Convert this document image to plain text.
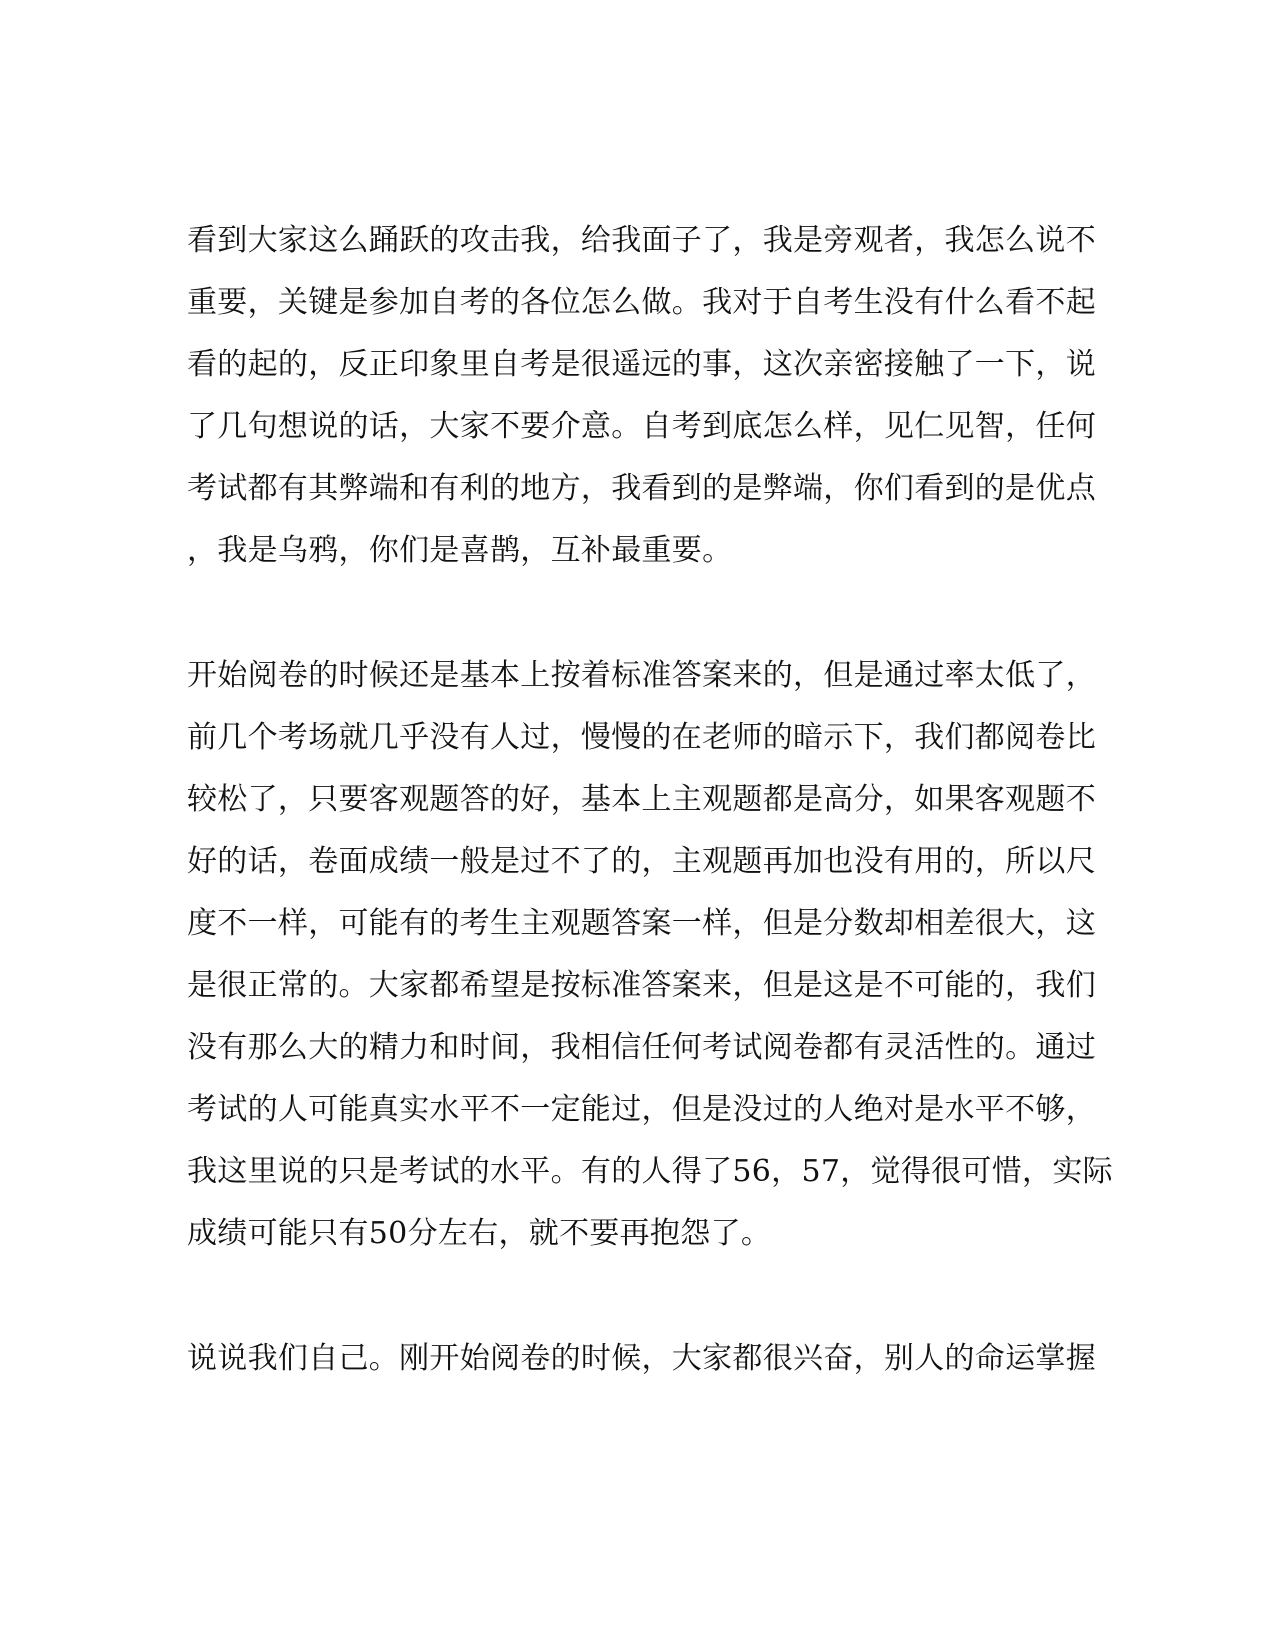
看到大家这么踊跃的攻击我，给我面子了，我是旁观者，我怎么说不
重要，关键是参加自考的各位怎么做。我对于自考生没有什么看不起
看的起的，反正印象里自考是很遥远的事，这次亲密接触了一下，说
了几句想说的话，大家不要介意。自考到底怎么样，见仁见智，任何
考试都有其弊端和有利的地方，我看到的是弊端，你们看到的是优点
，我是乌鸦，你们是喜鹊，互补最重要。
开始阅卷的时候还是基本上按着标准答案来的，但是通过率太低了，
前几个考场就几乎没有人过，慢慢的在老师的暗示下，我们都阅卷比
较松了，只要客观题答的好，基本上主观题都是高分，如果客观题不
好的话，卷面成绩一般是过不了的，主观题再加也没有用的，所以尺
度不一样，可能有的考生主观题答案一样，但是分数却相差很大，这
是很正常的。大家都希望是按标准答案来，但是这是不可能的，我们
没有那么大的精力和时间，我相信任何考试阅卷都有灵活性的。通过
考试的人可能真实水平不一定能过，但是没过的人绝对是水平不够，
我这里说的只是考试的水平。有的人得了56，57，觉得很可惜，实际
成绩可能只有50分左右，就不要再抱怨了。
说说我们自己。刚开始阅卷的时候，大家都很兴奋，别人的命运掌握
